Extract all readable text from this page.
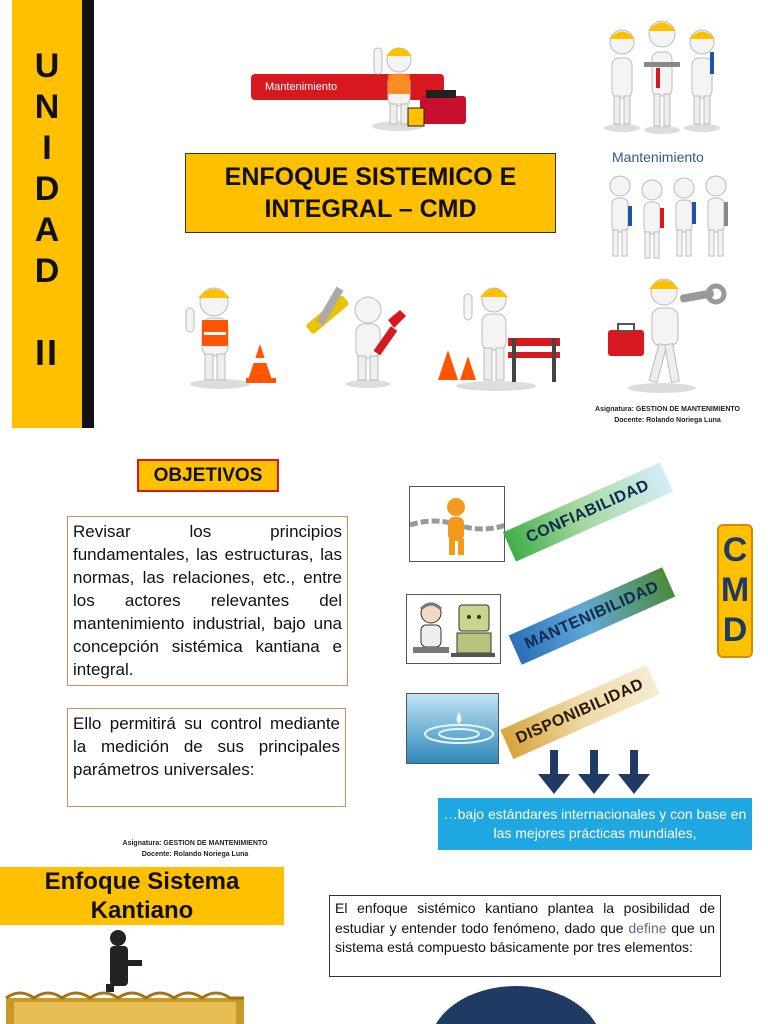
U
N
I
D
A
D
II
Mantenimiento
ENFOQUE SISTEMICO E
INTEGRAL – CMD
Mantenimiento
Asignatura: GESTION DE MANTENIMIENTO
Docente: Rolando Noriega Luna
OBJETIVOS
Revisar los principios fundamentales, las estructuras, las normas, las relaciones, etc., entre los actores relevantes del mantenimiento industrial, bajo una concepción sistémica kantiana e integral.
Ello permitirá su control mediante la medición de sus principales parámetros universales:
CONFIABILIDAD
MANTENIBILIDAD
DISPONIBILIDAD
C
M
D
…bajo estándares internacionales y con base en las mejores prácticas mundiales,
Asignatura: GESTION DE MANTENIMIENTO
Docente: Rolando Noriega Luna
Enfoque Sistema
Kantiano	El enfoque sistémico kantiano plantea la posibilidad de estudiar y entender todo fenómeno, dado que define que un sistema está compuesto básicamente por tres elementos:
